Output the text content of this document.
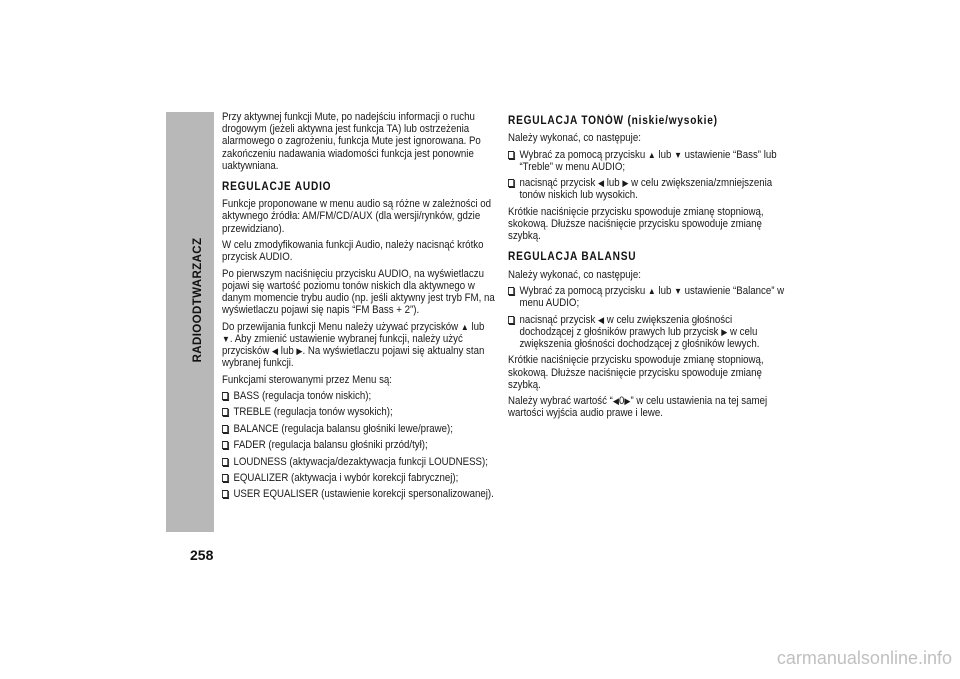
RADIOODTWARZACZ
258

Przy aktywnej funkcji Mute, po nadejściu informacji o ruchu drogowym (jeżeli aktywna jest funkcja TA) lub ostrzeżenia alarmowego o zagrożeniu, funkcja Mute jest ignorowana. Po zakończeniu nadawania wiadomości funkcja jest ponownie uaktywniana.

REGULACJE AUDIO

Funkcje proponowane w menu audio są różne w zależności od aktywnego źródła: AM/FM/CD/AUX (dla wersji/rynków, gdzie przewidziano).

W celu zmodyfikowania funkcji Audio, należy nacisnąć krótko przycisk AUDIO.

Po pierwszym naciśnięciu przycisku AUDIO, na wyświetlaczu pojawi się wartość poziomu tonów niskich dla aktywnego w danym momencie trybu audio (np. jeśli aktywny jest tryb FM, na wyświetlaczu pojawi się napis “FM Bass + 2”).

Do przewijania funkcji Menu należy używać przycisków ▲ lub ▼. Aby zmienić ustawienie wybranej funkcji, należy użyć przycisków ◀ lub ▶. Na wyświetlaczu pojawi się aktualny stan wybranej funkcji.

Funkcjami sterowanymi przez Menu są:

BASS (regulacja tonów niskich);
TREBLE (regulacja tonów wysokich);
BALANCE (regulacja balansu głośniki lewe/prawe);
FADER (regulacja balansu głośniki przód/tył);
LOUDNESS (aktywacja/dezaktywacja funkcji LOUDNESS);
EQUALIZER (aktywacja i wybór korekcji fabrycznej);
USER EQUALISER (ustawienie korekcji spersonalizowanej).
REGULACJA TONÓW (niskie/wysokie)

Należy wykonać, co następuje:

Wybrać za pomocą przycisku ▲ lub ▼ ustawienie “Bass” lub “Treble” w menu AUDIO;
nacisnąć przycisk ◀ lub ▶ w celu zwiększenia/zmniejszenia tonów niskich lub wysokich.

Krótkie naciśnięcie przycisku spowoduje zmianę stopniową, skokową. Dłuższe naciśnięcie przycisku spowoduje zmianę szybką.

REGULACJA BALANSU

Należy wykonać, co następuje:

Wybrać za pomocą przycisku ▲ lub ▼ ustawienie “Balance” w menu AUDIO;
nacisnąć przycisk ◀ w celu zwiększenia głośności dochodzącej z głośników prawych lub przycisk ▶ w celu zwiększenia głośności dochodzącej z głośników lewych.

Krótkie naciśnięcie przycisku spowoduje zmianę stopniową, skokową. Dłuższe naciśnięcie przycisku spowoduje zmianę szybką.

Należy wybrać wartość “◀0▶” w celu ustawienia na tej samej wartości wyjścia audio prawe i lewe.

carmanualsonline.info
